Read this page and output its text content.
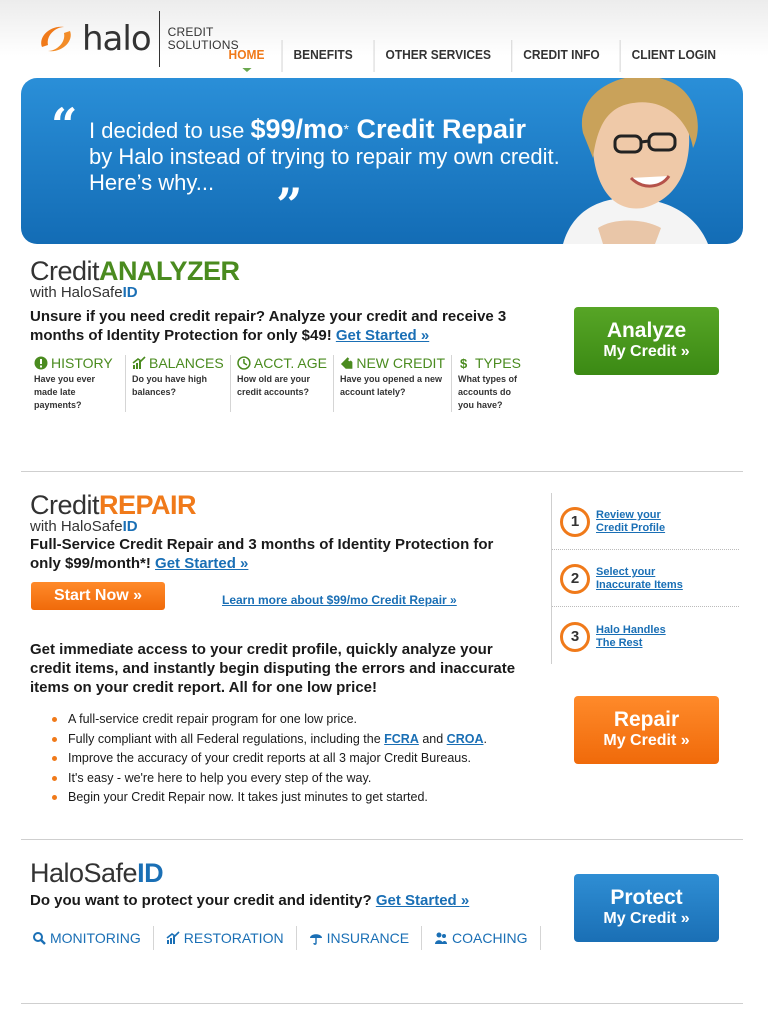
halo CREDIT
SOLUTIONS
HOME	BENEFITS	OTHER SERVICES	CREDIT INFO	CLIENT LOGIN
“ I decided to use $99/mo* Credit Repair
by Halo instead of trying to repair my own credit. Here’s why...	”
CreditANALYZER
with HaloSafeID
Unsure if you need credit repair? Analyze your credit and receive 3 months of Identity Protection for only $49! Get Started »	Analyze
My Credit »
HISTORY
Have you ever made late payments?
BALANCES
Do you have high balances?
ACCT. AGE
How old are your credit accounts?
NEW CREDIT
Have you opened a new account lately?
$ TYPES
What types of accounts do you have?
CreditREPAIR
with HaloSafeID
Full-Service Credit Repair and 3 months of Identity Protection for only $99/month*! Get Started »
Start Now »	Learn more about $99/mo Credit Repair »
Get immediate access to your credit profile, quickly analyze your credit items, and instantly begin disputing the errors and inaccurate items on your credit report. All for one low price!
A full-service credit repair program for one low price.
Fully compliant with all Federal regulations, including the FCRA and CROA.
Improve the accuracy of your credit reports at all 3 major Credit Bureaus.
It's easy - we're here to help you every step of the way.
Begin your Credit Repair now. It takes just minutes to get started.
1	Review your Credit Profile
2	Select your Inaccurate Items
3	Halo Handles The Rest
Repair
My Credit »
HaloSafeID
Do you want to protect your credit and identity? Get Started »
MONITORING	RESTORATION	INSURANCE	COACHING
Protect
My Credit »
